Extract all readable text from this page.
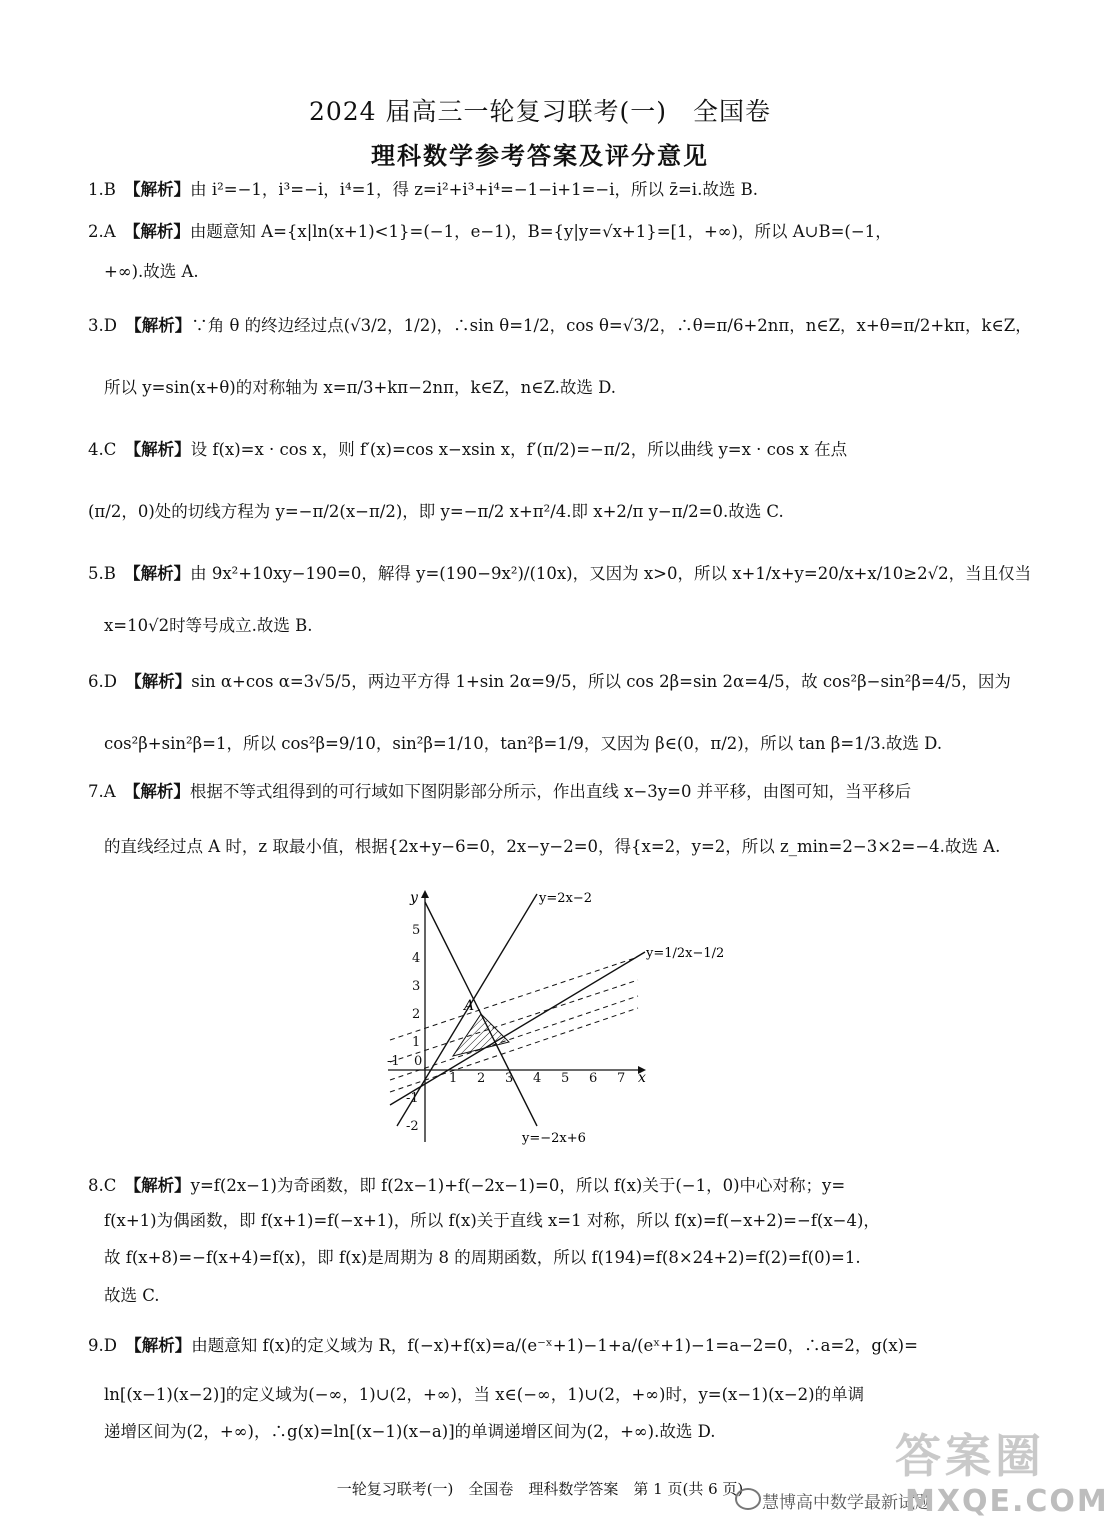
2024 届高三一轮复习联考(一)　全国卷
理科数学参考答案及评分意见
1.B　 【解析】由 i²=−1，i³=−i，i⁴=1，得 z=i²+i³+i⁴=−1−i+1=−i，所以 z̄=i.故选 B.
2.A　 【解析】由题意知 A={x|ln(x+1)<1}=(−1，e−1)，B={y|y=√x+1}=[1，+∞)，所以 A∪B=(−1，
+∞).故选 A.
3.D　 【解析】∵角 θ 的终边经过点(√3/2，1/2)，∴sin θ=1/2，cos θ=√3/2，∴θ=π/6+2nπ，n∈Z，x+θ=π/2+kπ，k∈Z，
所以 y=sin(x+θ)的对称轴为 x=π/3+kπ−2nπ，k∈Z，n∈Z.故选 D.
4.C　 【解析】设 f(x)=x · cos x，则 f′(x)=cos x−xsin x，f′(π/2)=−π/2，所以曲线 y=x · cos x 在点
(π/2，0)处的切线方程为 y=−π/2(x−π/2)，即 y=−π/2 x+π²/4.即 x+2/π y−π/2=0.故选 C.
5.B　 【解析】由 9x²+10xy−190=0，解得 y=(190−9x²)/(10x)，又因为 x>0，所以 x+1/x+y=20/x+x/10≥2√2，当且仅当
x=10√2时等号成立.故选 B.
6.D　 【解析】sin α+cos α=3√5/5，两边平方得 1+sin 2α=9/5，所以 cos 2β=sin 2α=4/5，故 cos²β−sin²β=4/5，因为
cos²β+sin²β=1，所以 cos²β=9/10，sin²β=1/10，tan²β=1/9，又因为 β∈(0，π/2)，所以 tan β=1/3.故选 D.
7.A　 【解析】根据不等式组得到的可行域如下图阴影部分所示，作出直线 x−3y=0 并平移，由图可知，当平移后
的直线经过点 A 时，z 取最小值，根据{2x+y−6=0，2x−y−2=0，得{x=2，y=2，所以 z_min=2−3×2=−4.故选 A.
y
x
-1 0
1 2 3 4 5 6 7
5
4
3
2
1
-1
-2
A
y=2x−2
y=1/2x−1/2
y=−2x+6
8.C　 【解析】y=f(2x−1)为奇函数，即 f(2x−1)+f(−2x−1)=0，所以 f(x)关于(−1，0)中心对称；y=
f(x+1)为偶函数，即 f(x+1)=f(−x+1)，所以 f(x)关于直线 x=1 对称，所以 f(x)=f(−x+2)=−f(x−4)，
故 f(x+8)=−f(x+4)=f(x)，即 f(x)是周期为 8 的周期函数，所以 f(194)=f(8×24+2)=f(2)=f(0)=1.
故选 C.
9.D　 【解析】由题意知 f(x)的定义域为 R，f(−x)+f(x)=a/(e⁻ˣ+1)−1+a/(eˣ+1)−1=a−2=0，∴a=2，g(x)=
ln[(x−1)(x−2)]的定义域为(−∞，1)∪(2，+∞)，当 x∈(−∞，1)∪(2，+∞)时，y=(x−1)(x−2)的单调
递增区间为(2，+∞)，∴g(x)=ln[(x−1)(x−a)]的单调递增区间为(2，+∞).故选 D.
一轮复习联考(一)　全国卷　理科数学答案　第 1 页(共 6 页)
答案圈
慧博高中数学最新试题
MXQE.COM
